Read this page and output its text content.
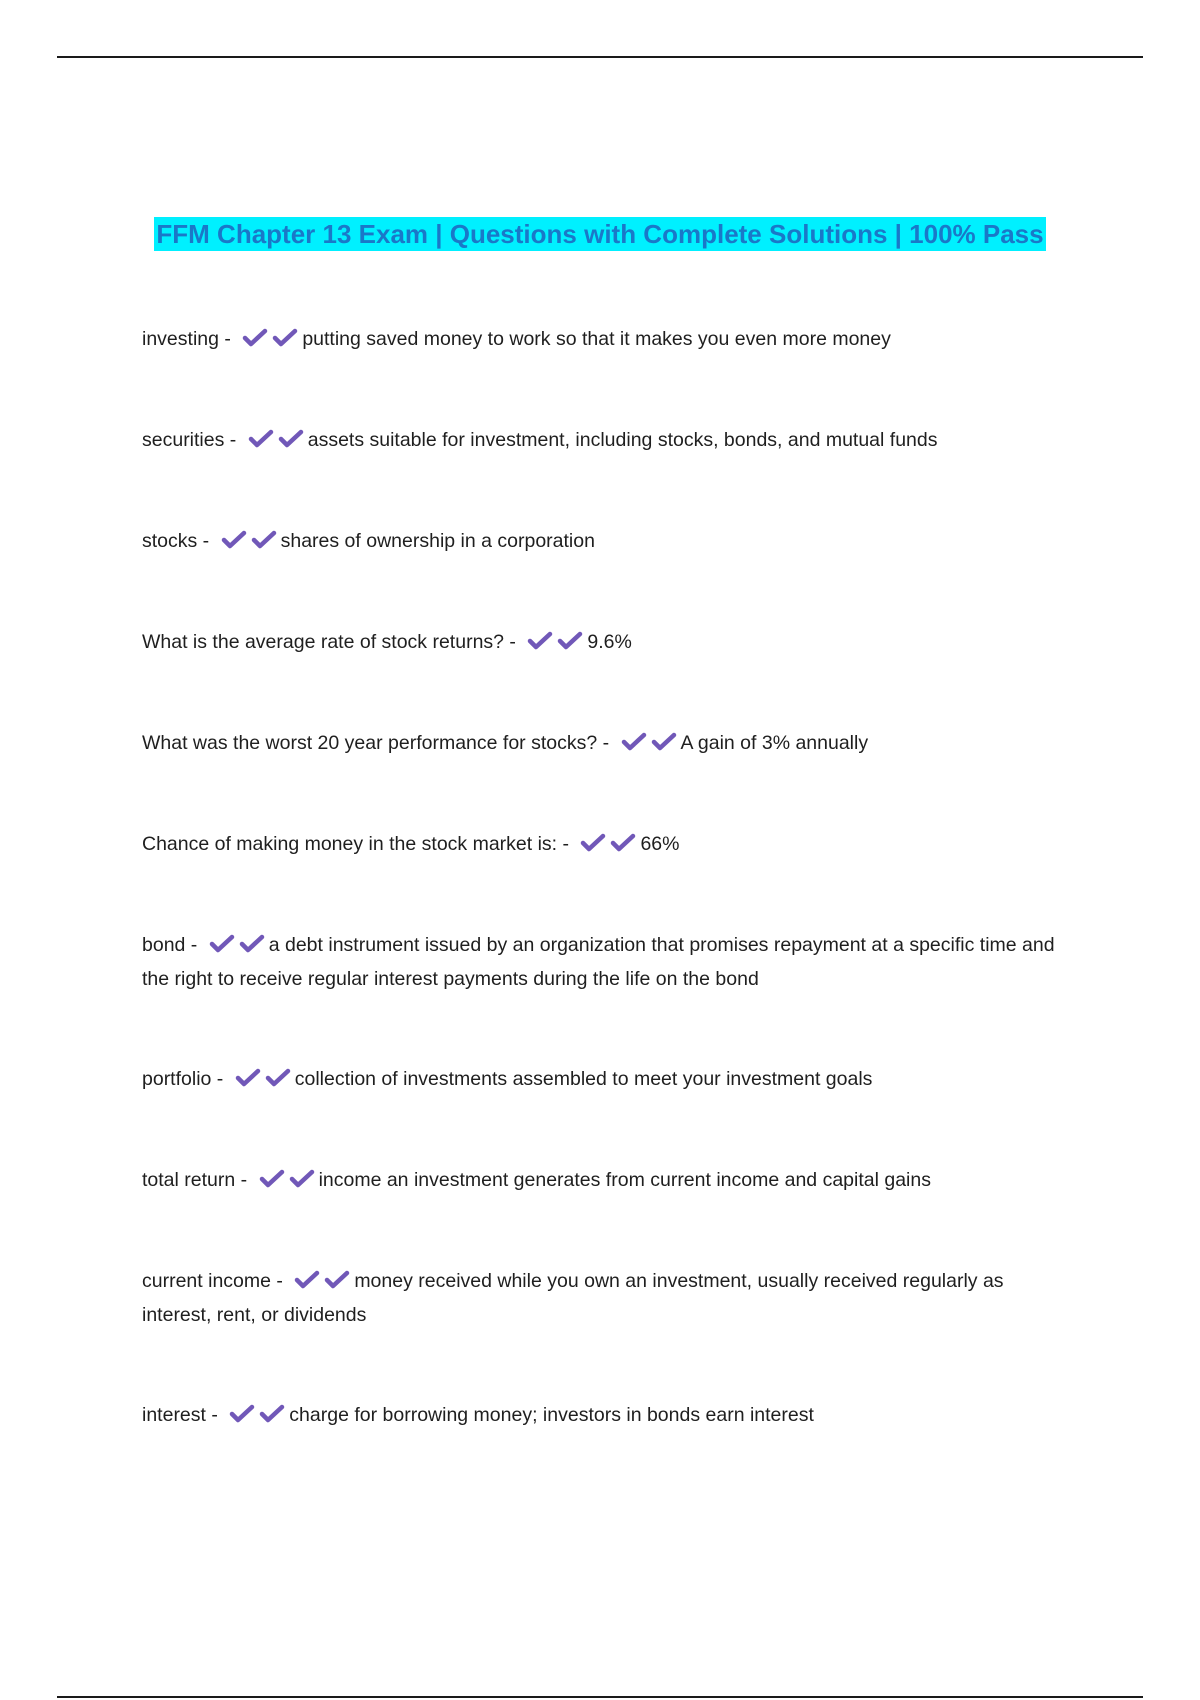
FFM Chapter 13 Exam | Questions with Complete Solutions | 100% Pass
investing -	putting saved money to work so that it makes you even more money
securities -	assets suitable for investment, including stocks, bonds, and mutual funds
stocks -	shares of ownership in a corporation
What is the average rate of stock returns? -	9.6%
What was the worst 20 year performance for stocks? -	A gain of 3% annually
Chance of making money in the stock market is: -	66%
bond -	a debt instrument issued by an organization that promises repayment at a specific time and the right to receive regular interest payments during the life on the bond
portfolio -	collection of investments assembled to meet your investment goals
total return -	income an investment generates from current income and capital gains
current income -	money received while you own an investment, usually received regularly as interest, rent, or dividends
interest -	charge for borrowing money; investors in bonds earn interest
